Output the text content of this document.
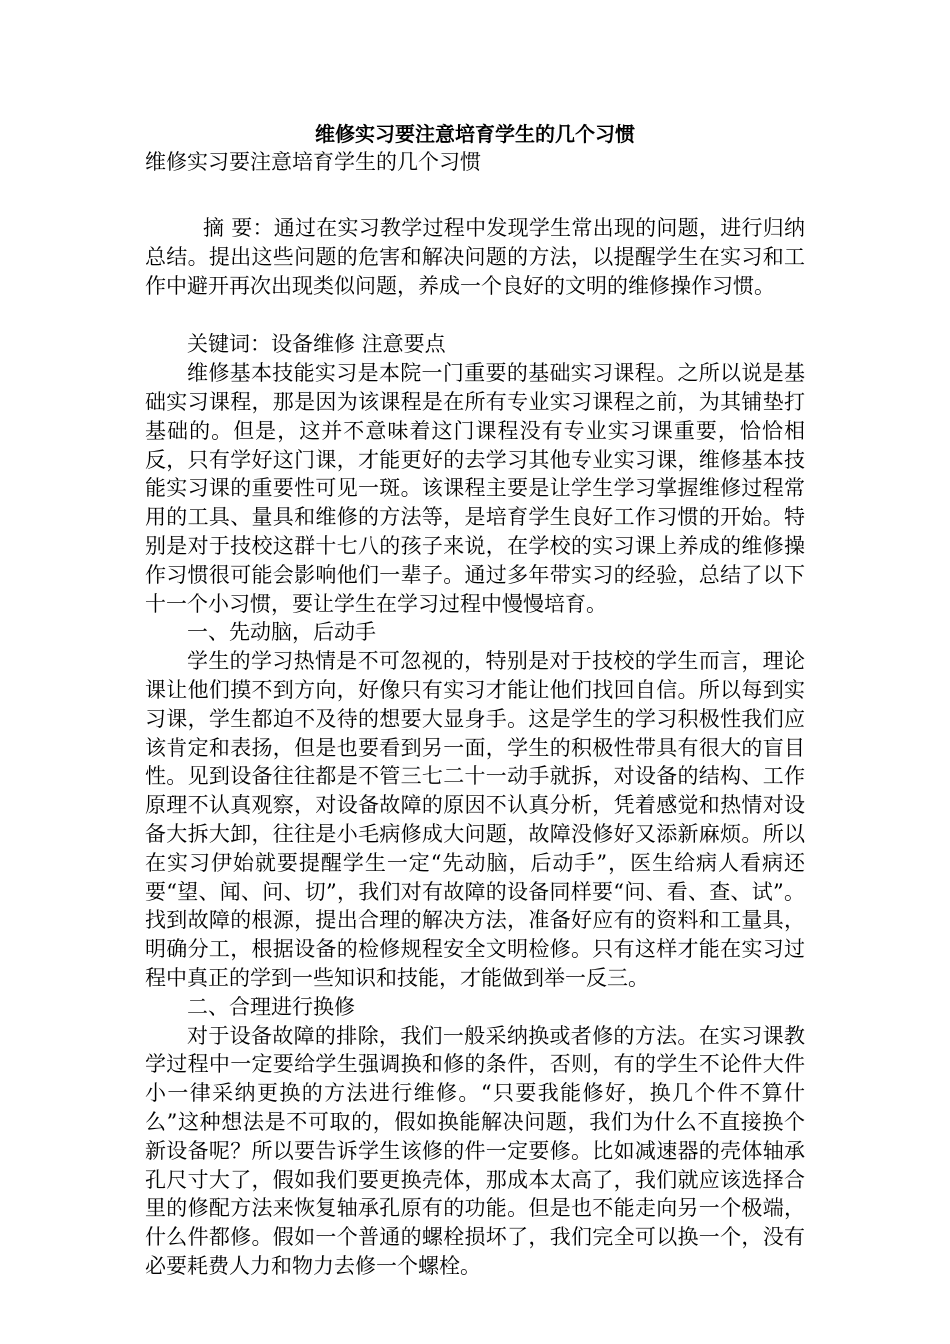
维修实习要注意培育学生的几个习惯

维修实习要注意培育学生的几个习惯

摘 要：通过在实习教学过程中发现学生常出现的问题，进行归纳总结。提出这些问题的危害和解决问题的方法，以提醒学生在实习和工作中避开再次出现类似问题，养成一个良好的文明的维修操作习惯。

关键词：设备维修 注意要点

维修基本技能实习是本院一门重要的基础实习课程。之所以说是基础实习课程，那是因为该课程是在所有专业实习课程之前，为其铺垫打基础的。但是，这并不意味着这门课程没有专业实习课重要，恰恰相反，只有学好这门课，才能更好的去学习其他专业实习课，维修基本技能实习课的重要性可见一斑。该课程主要是让学生学习掌握维修过程常用的工具、量具和维修的方法等，是培育学生良好工作习惯的开始。特别是对于技校这群十七八的孩子来说，在学校的实习课上养成的维修操作习惯很可能会影响他们一辈子。通过多年带实习的经验，总结了以下十一个小习惯，要让学生在学习过程中慢慢培育。

一、先动脑，后动手

学生的学习热情是不可忽视的，特别是对于技校的学生而言，理论课让他们摸不到方向，好像只有实习才能让他们找回自信。所以每到实习课，学生都迫不及待的想要大显身手。这是学生的学习积极性我们应该肯定和表扬，但是也要看到另一面，学生的积极性带具有很大的盲目性。见到设备往往都是不管三七二十一动手就拆，对设备的结构、工作原理不认真观察，对设备故障的原因不认真分析，凭着感觉和热情对设备大拆大卸，往往是小毛病修成大问题，故障没修好又添新麻烦。所以在实习伊始就要提醒学生一定“先动脑，后动手”，医生给病人看病还要“望、闻、问、切”，我们对有故障的设备同样要“问、看、查、试”。找到故障的根源，提出合理的解决方法，准备好应有的资料和工量具，明确分工，根据设备的检修规程安全文明检修。只有这样才能在实习过程中真正的学到一些知识和技能，才能做到举一反三。

二、合理进行换修

对于设备故障的排除，我们一般采纳换或者修的方法。在实习课教学过程中一定要给学生强调换和修的条件，否则，有的学生不论件大件小一律采纳更换的方法进行维修。“只要我能修好，换几个件不算什么”这种想法是不可取的，假如换能解决问题，我们为什么不直接换个新设备呢？所以要告诉学生该修的件一定要修。比如减速器的壳体轴承孔尺寸大了，假如我们要更换壳体，那成本太高了，我们就应该选择合里的修配方法来恢复轴承孔原有的功能。但是也不能走向另一个极端，什么件都修。假如一个普通的螺栓损坏了，我们完全可以换一个，没有必要耗费人力和物力去修一个螺栓。
